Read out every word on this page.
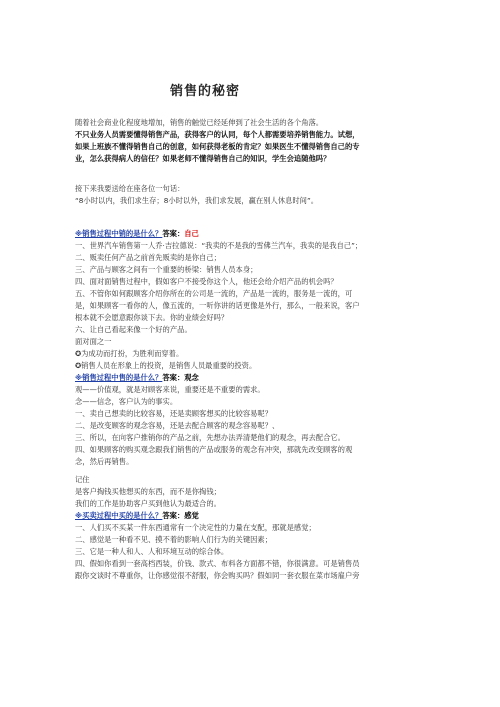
销售的秘密
随着社会商业化程度地增加，销售的触觉已经延伸到了社会生活的各个角落。
不只业务人员需要懂得销售产品，获得客户的认同，每个人都需要培养销售能力。试想，
如果上班族不懂得销售自己的创意，如何获得老板的肯定？如果医生不懂得销售自己的专
业，怎么获得病人的信任？如果老师不懂得销售自己的知识，学生会追随他吗？
接下来我要送给在座各位一句话：
“8小时以内，我们求生存；8小时以外，我们求发展，赢在别人休息时间”。
一、世界汽车销售第一人乔·吉拉德说：“我卖的不是我的雪佛兰汽车，我卖的是我自己”；
二、贩卖任何产品之前首先贩卖的是你自己；
三、产品与顾客之间有一个重要的桥梁：销售人员本身；
四、面对面销售过程中，假如客户不接受你这个人，他还会给介绍产品的机会吗？
五、不管你如何跟顾客介绍你所在的公司是一流的，产品是一流的，服务是一流的，可
是，如果顾客一看你的人，像五流的，一听你讲的话更像是外行，那么，一般来说，客户
根本就不会愿意跟你谈下去。你的业绩会好吗？
六、让自己看起来像一个好的产品。
面对面之一
✪为成功而打扮，为胜利而穿着。
✪销售人员在形象上的投资，是销售人员最重要的投资。
观——价值观，就是对顾客来说，重要还是不重要的需求。
念——信念，客户认为的事实。
一、卖自己想卖的比较容易，还是卖顾客想买的比较容易呢？
二、是改变顾客的观念容易，还是去配合顾客的观念容易呢？、
三、所以，在向客户推销你的产品之前，先想办法弄清楚他们的观念，再去配合它。
四、如果顾客的购买观念跟我们销售的产品或服务的观念有冲突，那就先改变顾客的观
念，然后再销售。
记住
是客户掏钱买他想买的东西，而不是你掏钱；
我们的工作是协助客户买到他认为最适合的。
一、人们买不买某一件东西通常有一个决定性的力量在支配，那就是感觉；
二、感觉是一种看不见、摸不着的影响人们行为的关键因素；
三、它是一种人和人、人和环境互动的综合体。
四、假如你看到一套高档西装，价钱、款式、布料各方面都不错，你很满意。可是销售员
跟你交谈时不尊重你，让你感觉很不舒服，你会购买吗？假如同一套衣服在菜市场雇户旁
※销售过程中销的是什么？答案：自己
※销售过程中售的是什么？答案：观念
※买卖过程中买的是什么？答案：感觉
